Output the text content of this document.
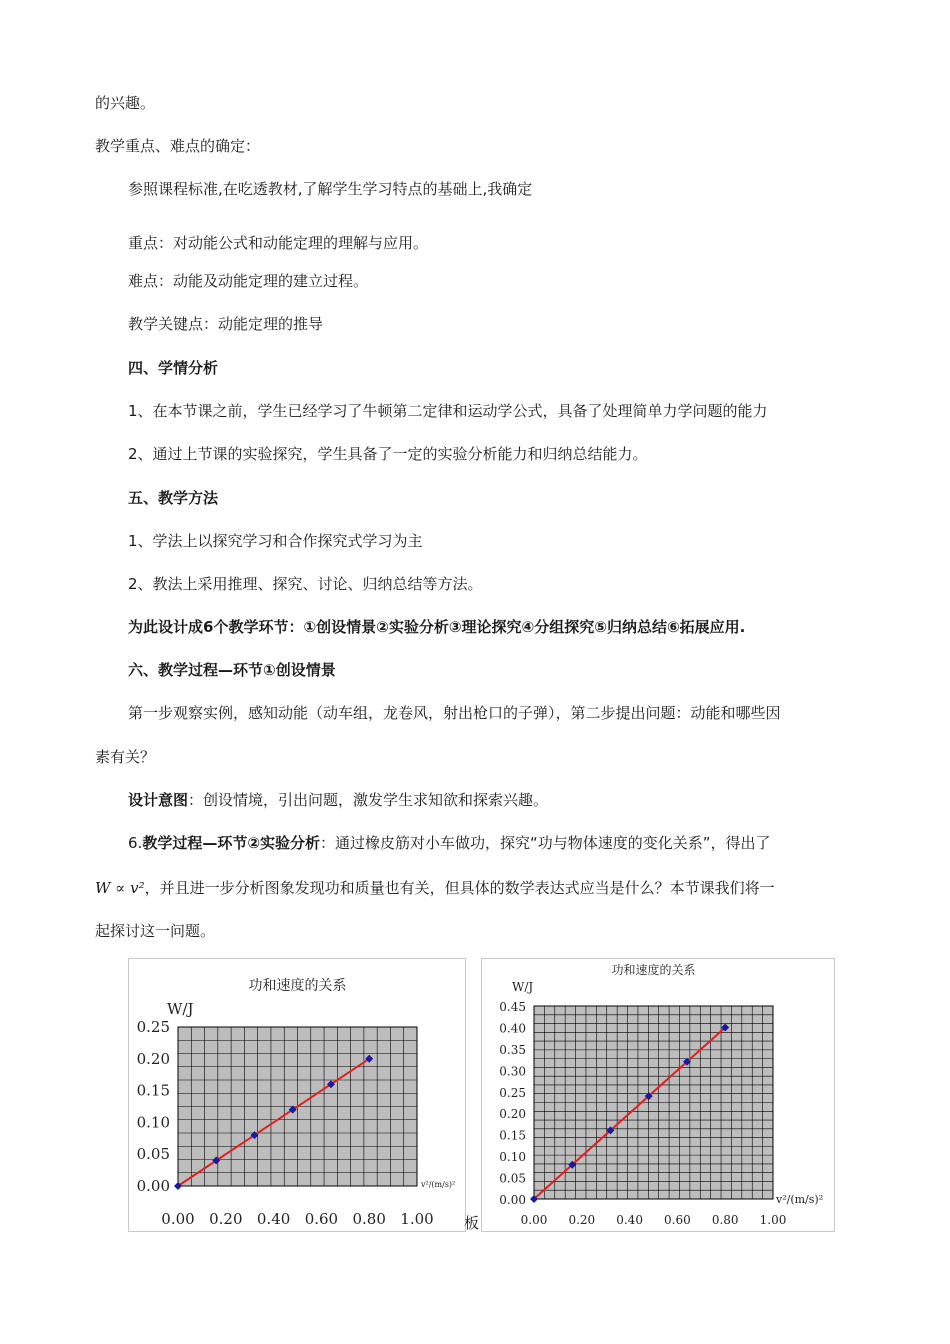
的兴趣。
教学重点、难点的确定：
参照课程标准,在吃透教材,了解学生学习特点的基础上,我确定
重点：对动能公式和动能定理的理解与应用。
难点：动能及动能定理的建立过程。
教学关键点：动能定理的推导
四、学情分析
1、在本节课之前，学生已经学习了牛顿第二定律和运动学公式，具备了处理简单力学问题的能力
2、通过上节课的实验探究，学生具备了一定的实验分析能力和归纳总结能力。
五、教学方法
1、学法上以探究学习和合作探究式学习为主
2、教法上采用推理、探究、讨论、归纳总结等方法。
为此设计成6个教学环节：①创设情景②实验分析③理论探究④分组探究⑤归纳总结⑥拓展应用.
六、教学过程—环节①创设情景
第一步观察实例，感知动能（动车组，龙卷风，射出枪口的子弹），第二步提出问题：动能和哪些因
素有关？
设计意图：创设情境，引出问题，激发学生求知欲和探索兴趣。
6.教学过程—环节②实验分析：通过橡皮筋对小车做功，探究“功与物体速度的变化关系”，得出了
W ∝ v²，并且进一步分析图象发现功和质量也有关，但具体的数学表达式应当是什么？本节课我们将一
起探讨这一问题。
功和速度的关系
W/J
v²/(m/s)²
0.00
0.05
0.10
0.15
0.20
0.25
0.00 0.20 0.40 0.60 0.80 1.00 板
功和速度的关系
W/J
v²/(m/s)²
0.00
0.05
0.10
0.15
0.20
0.25
0.30
0.35
0.40
0.45
0.00 0.20 0.40 0.60 0.80 1.00
